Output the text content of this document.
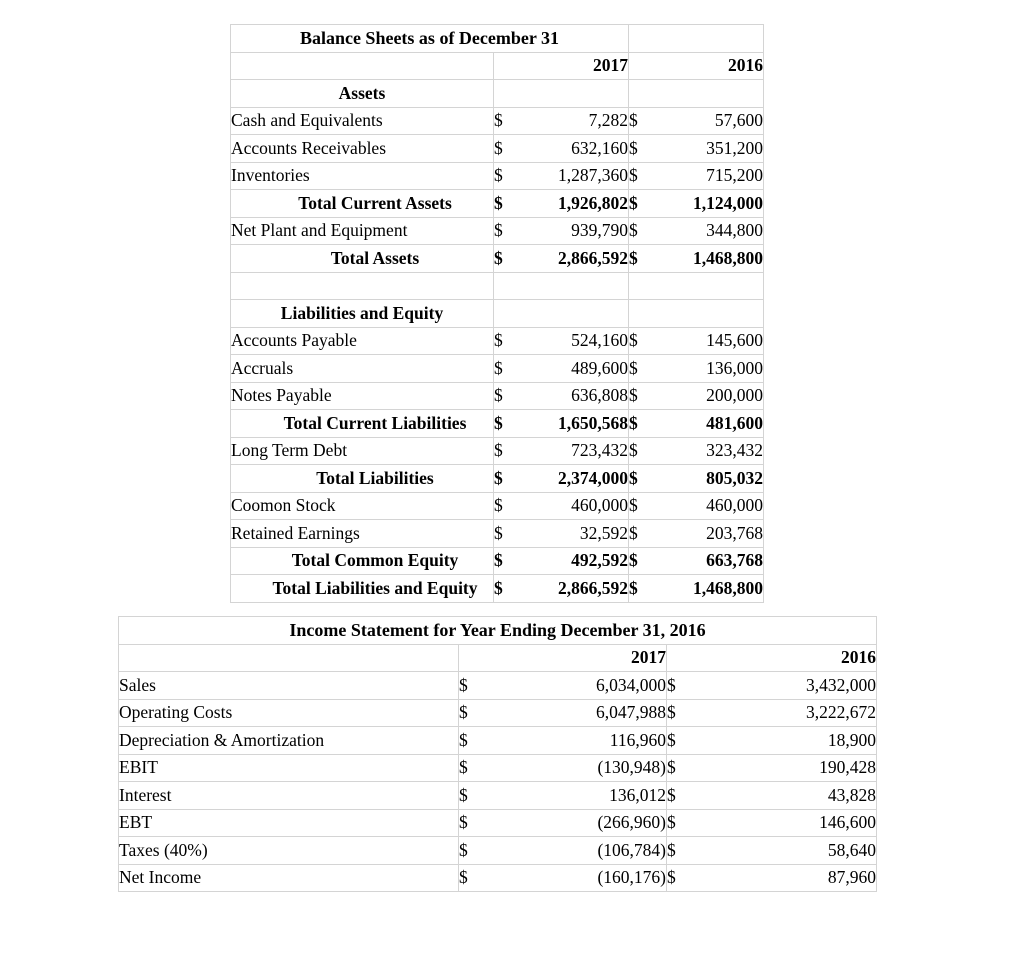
Balance Sheets as of December 31		
	2017	2016
Assets		
Cash and Equivalents	$ 7,282	$ 57,600

Accounts Receivables	$ 632,160	$ 351,200

Inventories	$ 1,287,360	$ 715,200

Total Current Assets	$ 1,926,802	$ 1,124,000

Net Plant and Equipment	$ 939,790	$ 344,800

Total Assets	$ 2,866,592	$ 1,468,800

Liabilities and Equity		
Accounts Payable	$ 524,160	$ 145,600

Accruals	$ 489,600	$ 136,000

Notes Payable	$ 636,808	$ 200,000

Total Current Liabilities	$ 1,650,568	$ 481,600

Long Term Debt	$ 723,432	$ 323,432

Total Liabilities	$ 2,374,000	$ 805,032

Coomon Stock	$ 460,000	$ 460,000

Retained Earnings	$ 32,592	$ 203,768

Total Common Equity	$ 492,592	$ 663,768

Total Liabilities and Equity	$ 2,866,592	$ 1,468,800
Income Statement for Year Ending December 31, 2016		
	2017	2016
Sales	$ 6,034,000	$ 3,432,000

Operating Costs	$ 6,047,988	$ 3,222,672

Depreciation & Amortization	$ 116,960	$ 18,900

EBIT	$ (130,948)	$ 190,428

Interest	$ 136,012	$ 43,828

EBT	$ (266,960)	$ 146,600

Taxes (40%)	$ (106,784)	$ 58,640

Net Income	$ (160,176)	$ 87,960
